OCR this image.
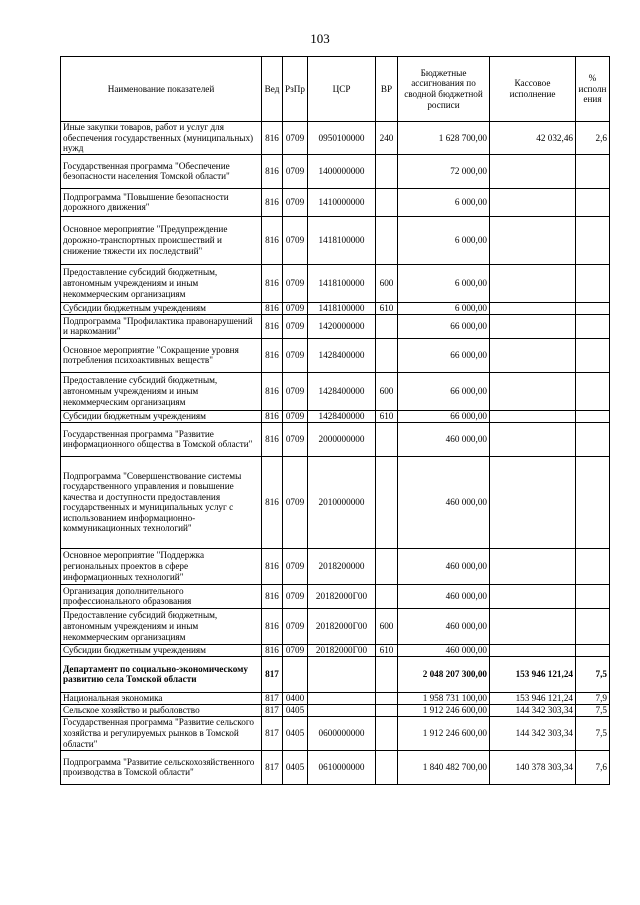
103
Наименование показателей	Вед	РзПр	ЦСР	ВР	Бюджетные ассигнования по сводной бюджетной росписи	Кассовое исполнение	% исполнения
Иные закупки товаров, работ и услуг для обеспечения государственных (муниципальных) нужд	816	0709	0950100000	240	1 628 700,00	42 032,46	2,6
Государственная программа "Обеспечение безопасности населения Томской области"	816	0709	1400000000		72 000,00		
Подпрограмма "Повышение безопасности дорожного движения"	816	0709	1410000000		6 000,00		
Основное мероприятие "Предупреждение дорожно-транспортных происшествий и снижение тяжести их последствий"	816	0709	1418100000		6 000,00		
Предоставление субсидий бюджетным, автономным учреждениям и иным некоммерческим организациям	816	0709	1418100000	600	6 000,00		
Субсидии бюджетным учреждениям	816	0709	1418100000	610	6 000,00		
Подпрограмма "Профилактика правонарушений и наркомании"	816	0709	1420000000		66 000,00		
Основное мероприятие "Сокращение уровня потребления психоактивных веществ"	816	0709	1428400000		66 000,00		
Предоставление субсидий бюджетным, автономным учреждениям и иным некоммерческим организациям	816	0709	1428400000	600	66 000,00		
Субсидии бюджетным учреждениям	816	0709	1428400000	610	66 000,00		
Государственная программа "Развитие информационного общества в Томской области"	816	0709	2000000000		460 000,00		
Подпрограмма "Совершенствование системы государственного управления и повышение качества и доступности предоставления государственных и муниципальных услуг с использованием информационно-коммуникационных технологий"	816	0709	2010000000		460 000,00		
Основное мероприятие "Поддержка региональных проектов в сфере информационных технологий"	816	0709	2018200000		460 000,00		
Организация дополнительного профессионального образования	816	0709	20182000Г00		460 000,00		
Предоставление субсидий бюджетным, автономным учреждениям и иным некоммерческим организациям	816	0709	20182000Г00	600	460 000,00		
Субсидии бюджетным учреждениям	816	0709	20182000Г00	610	460 000,00		
Департамент по социально-экономическому развитию села Томской области	817				2 048 207 300,00	153 946 121,24	7,5
Национальная экономика	817	0400			1 958 731 100,00	153 946 121,24	7,9
Сельское хозяйство и рыболовство	817	0405			1 912 246 600,00	144 342 303,34	7,5
Государственная программа "Развитие сельского хозяйства и регулируемых рынков в Томской области"	817	0405	0600000000		1 912 246 600,00	144 342 303,34	7,5
Подпрограмма "Развитие сельскохозяйственного производства в Томской области"	817	0405	0610000000		1 840 482 700,00	140 378 303,34	7,6
